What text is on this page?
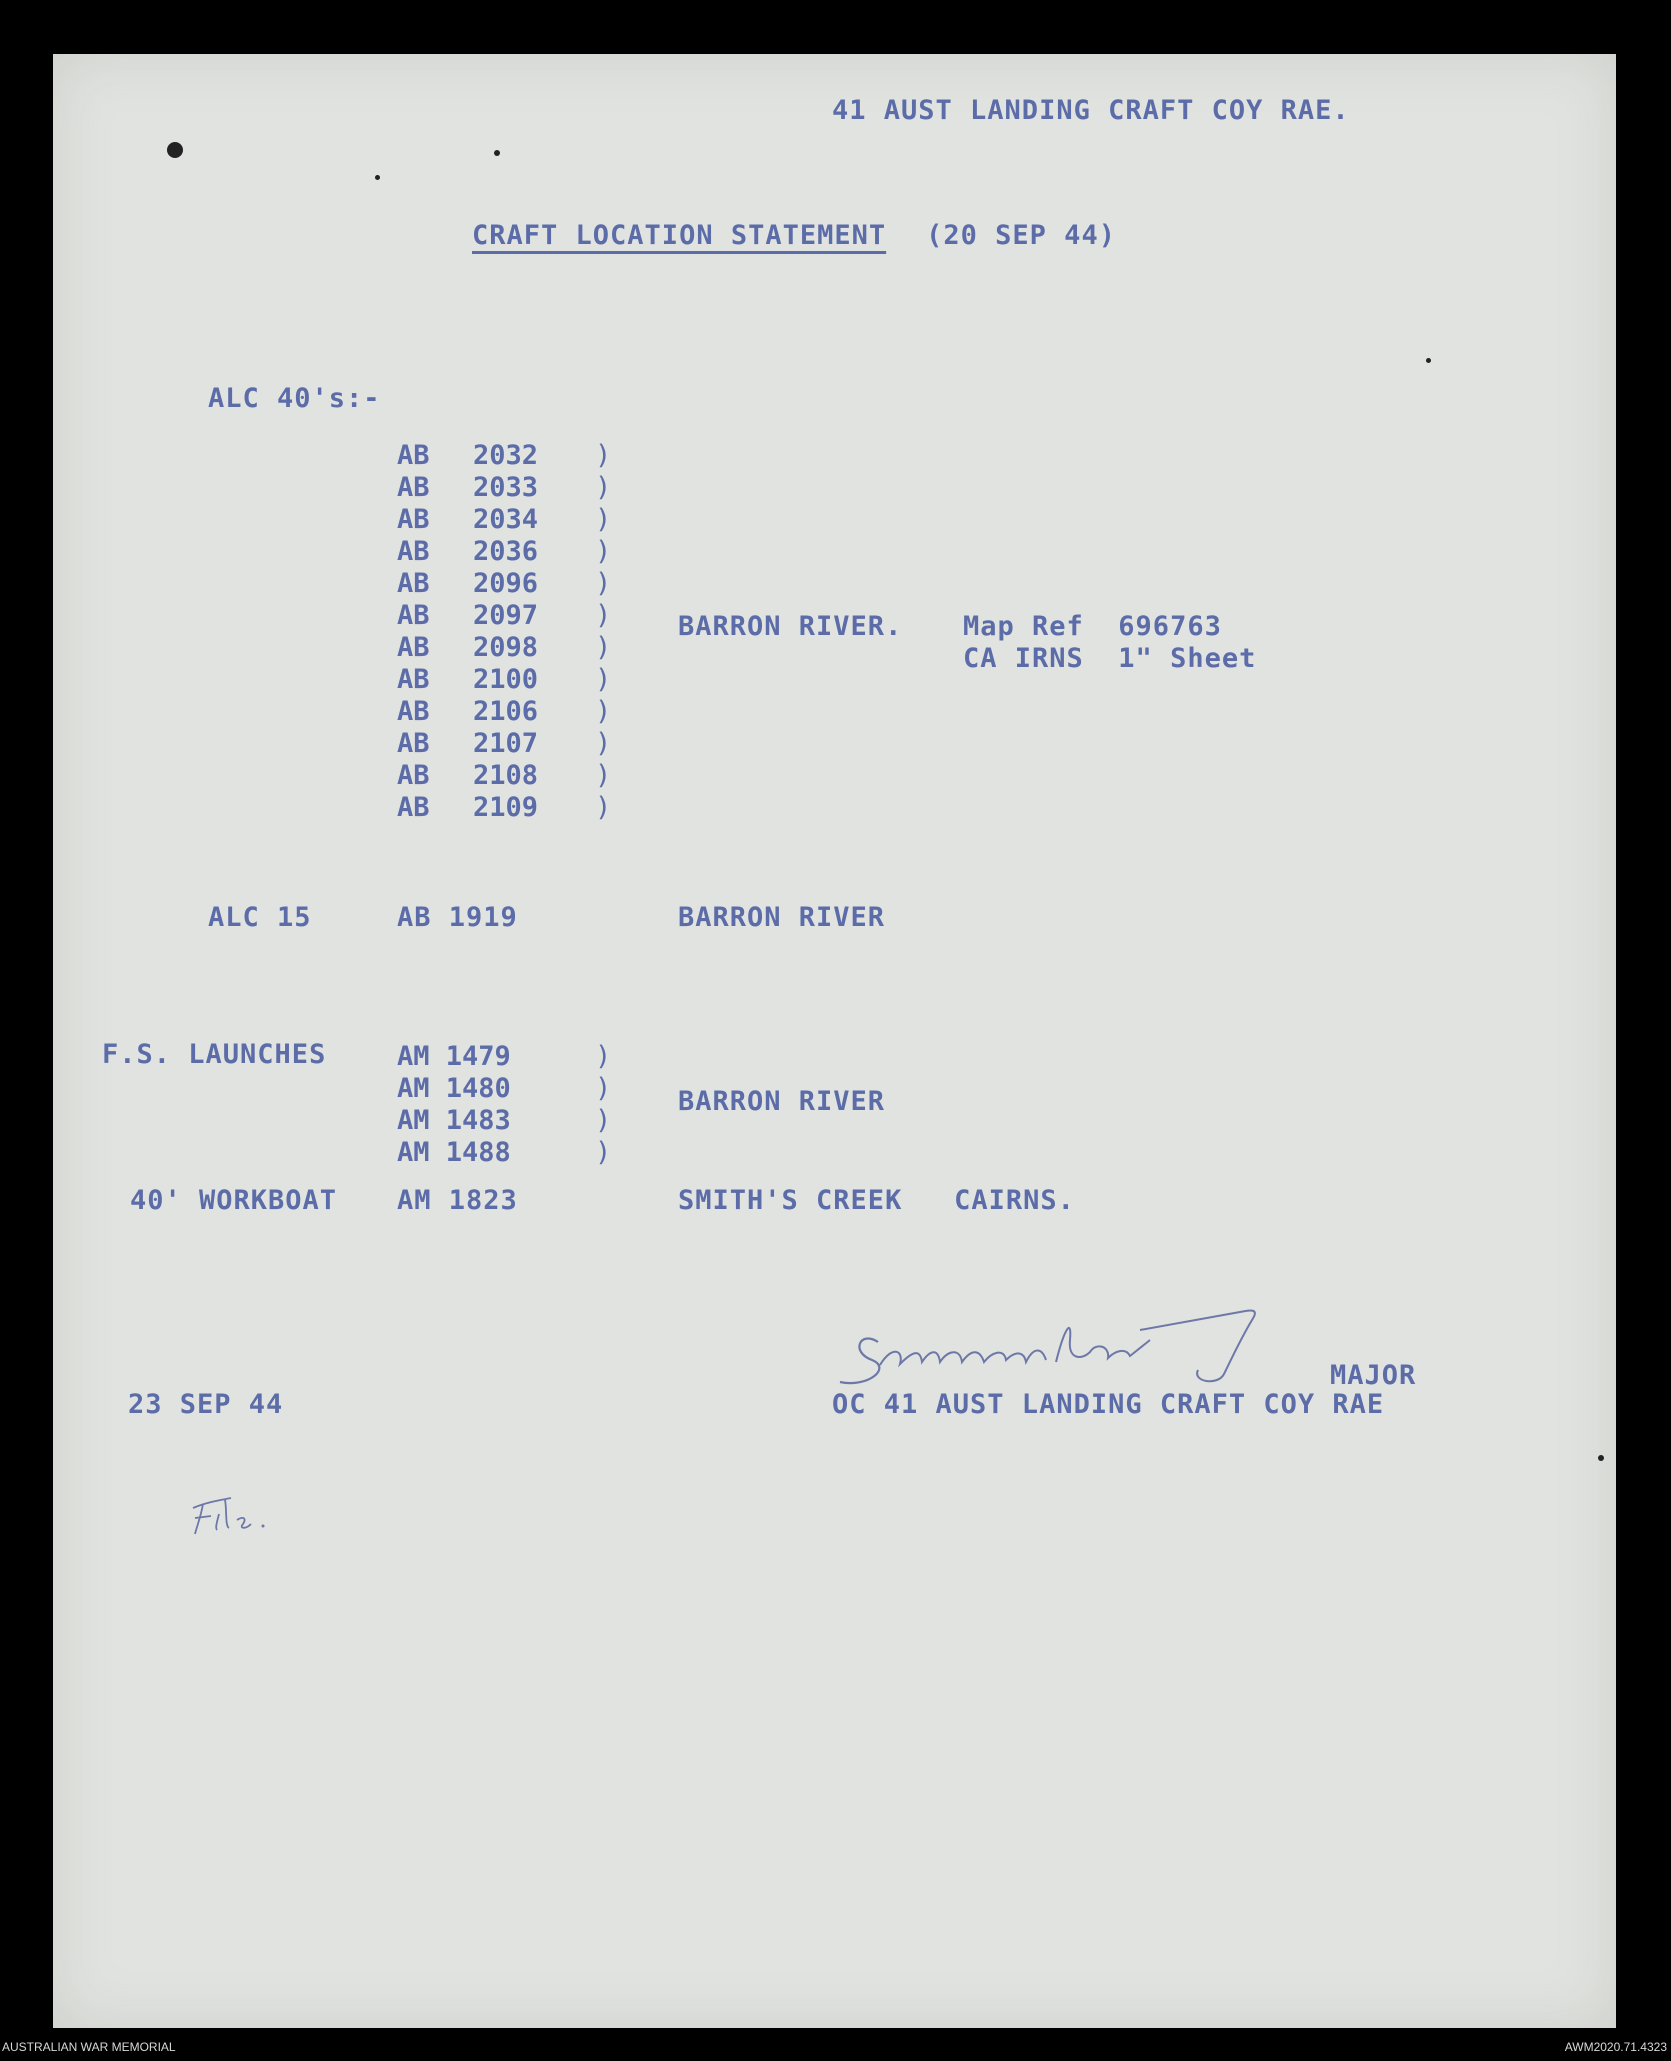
41 AUST LANDING CRAFT COY RAE.
CRAFT LOCATION STATEMENT (20 SEP 44)
ALC 40's:-
AB 2032 )
AB 2033 )
AB 2034 )
AB 2036 )
AB 2096 )
AB 2097 )
AB 2098 )
AB 2100 )
AB 2106 )
AB 2107 )
AB 2108 )
AB 2109 )
BARRON RIVER. Map Ref  696763
CA IRNS  1" Sheet
ALC 15	AB 1919	BARRON RIVER
F.S. LAUNCHES	AM 1479	)
AM 1480	)
AM 1483	)
AM 1488	)
BARRON RIVER
40' WORKBOAT AM 1823	SMITH'S CREEK   CAIRNS.
MAJOR
23 SEP 44	OC 41 AUST LANDING CRAFT COY RAE
AUSTRALIAN WAR MEMORIAL	AWM2020.71.4323
